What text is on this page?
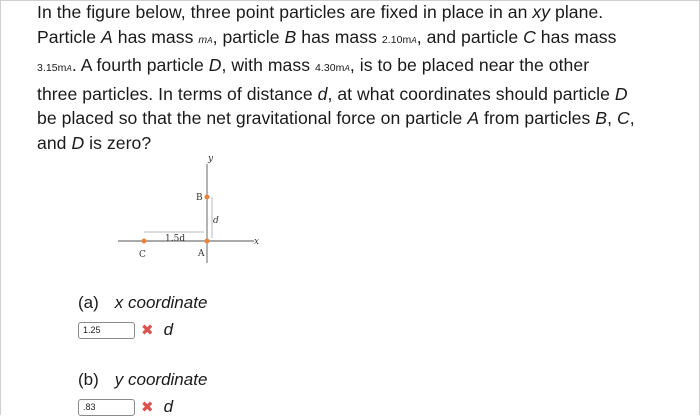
In the figure below, three point particles are fixed in place in an xy plane.
Particle A has mass mA, particle B has mass 2.10mA, and particle C has mass
3.15mA. A fourth particle D, with mass 4.30mA, is to be placed near the other
three particles. In terms of distance d, at what coordinates should particle D
be placed so that the net gravitational force on particle A from particles B, C,
and D is zero?
y
x
B
A
C
d
1.5d
(a) x coordinate
1.25
✖ d
(b) y coordinate
.83
✖ d
